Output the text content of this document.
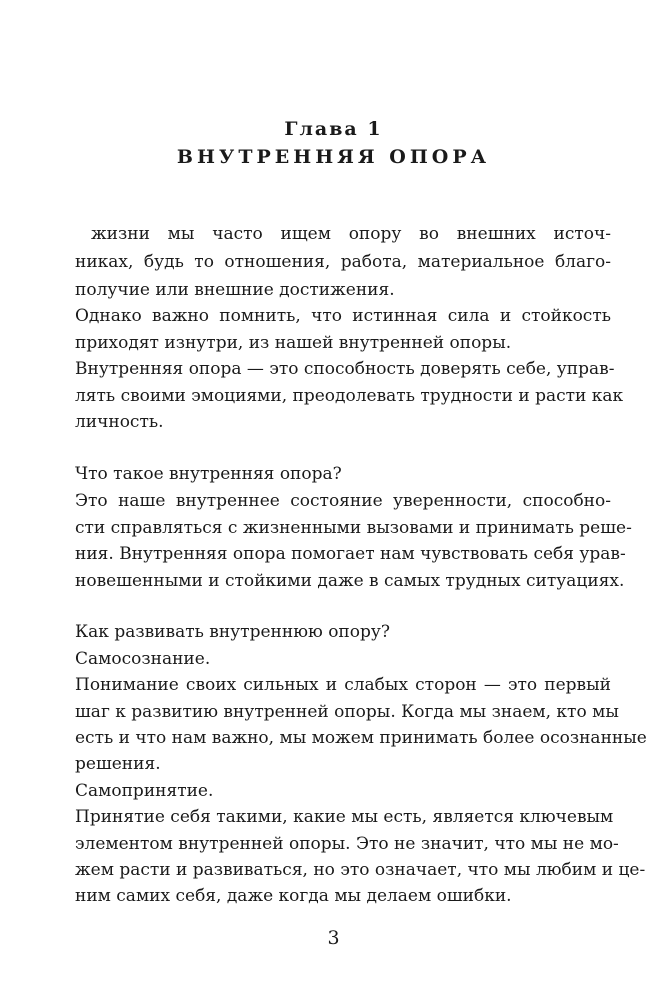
Глава 1
ВНУТРЕННЯЯ ОПОРА
жизни мы часто ищем опору во внешних источ-
никах, будь то отношения, работа, материальное благо-
получие или внешние достижения.
Однако важно помнить, что истинная сила и стойкость
приходят изнутри, из нашей внутренней опоры.
Внутренняя опора — это способность доверять себе, управ-
лять своими эмоциями, преодолевать трудности и расти как
личность.
Что такое внутренняя опора?
Это наше внутреннее состояние уверенности, способно-
сти справляться с жизненными вызовами и принимать реше-
ния. Внутренняя опора помогает нам чувствовать себя урав-
новешенными и стойкими даже в самых трудных ситуациях.
Как развивать внутреннюю опору?
Самосознание.
Понимание своих сильных и слабых сторон — это первый
шаг к развитию внутренней опоры. Когда мы знаем, кто мы
есть и что нам важно, мы можем принимать более осознанные
решения.
Самопринятие.
Принятие себя такими, какие мы есть, является ключевым
элементом внутренней опоры. Это не значит, что мы не мо-
жем расти и развиваться, но это означает, что мы любим и це-
ним самих себя, даже когда мы делаем ошибки.
3
